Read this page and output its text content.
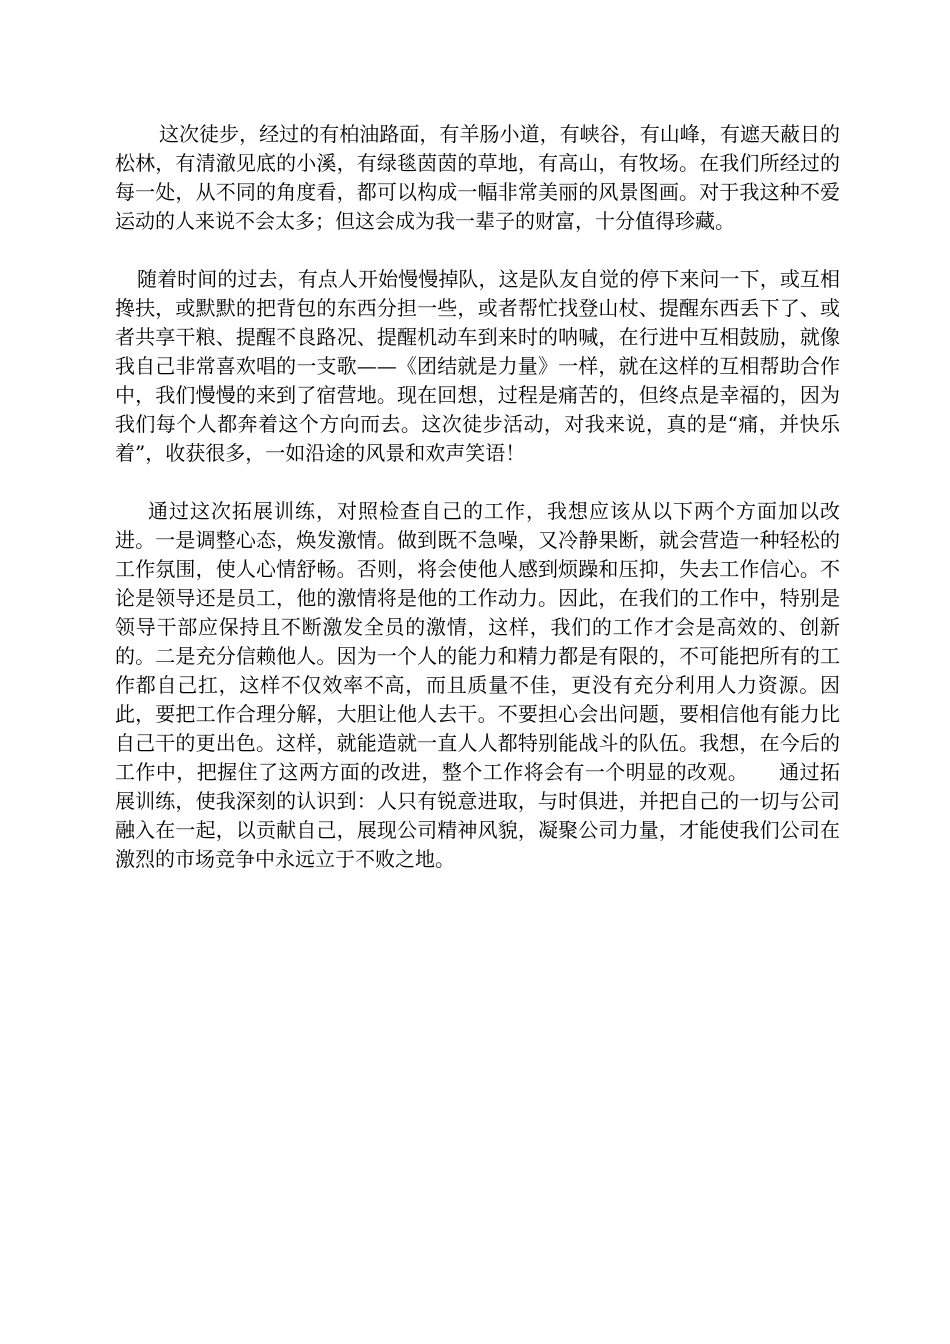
这次徒步，经过的有柏油路面，有羊肠小道，有峡谷，有山峰，有遮天蔽日的松林，有清澈见底的小溪，有绿毯茵茵的草地，有高山，有牧场。在我们所经过的每一处，从不同的角度看，都可以构成一幅非常美丽的风景图画。对于我这种不爱运动的人来说不会太多；但这会成为我一辈子的财富，十分值得珍藏。

随着时间的过去，有点人开始慢慢掉队，这是队友自觉的停下来问一下，或互相搀扶，或默默的把背包的东西分担一些，或者帮忙找登山杖、提醒东西丢下了、或者共享干粮、提醒不良路况、提醒机动车到来时的呐喊，在行进中互相鼓励，就像我自己非常喜欢唱的一支歌——《团结就是力量》一样，就在这样的互相帮助合作中，我们慢慢的来到了宿营地。现在回想，过程是痛苦的，但终点是幸福的，因为我们每个人都奔着这个方向而去。这次徒步活动，对我来说，真的是“痛，并快乐着”，收获很多，一如沿途的风景和欢声笑语！

通过这次拓展训练，对照检查自己的工作，我想应该从以下两个方面加以改进。一是调整心态，焕发激情。做到既不急噪，又冷静果断，就会营造一种轻松的工作氛围，使人心情舒畅。否则，将会使他人感到烦躁和压抑，失去工作信心。不论是领导还是员工，他的激情将是他的工作动力。因此，在我们的工作中，特别是领导干部应保持且不断激发全员的激情，这样，我们的工作才会是高效的、创新的。二是充分信赖他人。因为一个人的能力和精力都是有限的，不可能把所有的工作都自己扛，这样不仅效率不高，而且质量不佳，更没有充分利用人力资源。因此，要把工作合理分解，大胆让他人去干。不要担心会出问题，要相信他有能力比自己干的更出色。这样，就能造就一直人人都特别能战斗的队伍。我想，在今后的工作中，把握住了这两方面的改进，整个工作将会有一个明显的改观。　　通过拓展训练，使我深刻的认识到：人只有锐意进取，与时俱进，并把自己的一切与公司融入在一起，以贡献自己，展现公司精神风貌，凝聚公司力量，才能使我们公司在激烈的市场竞争中永远立于不败之地。
